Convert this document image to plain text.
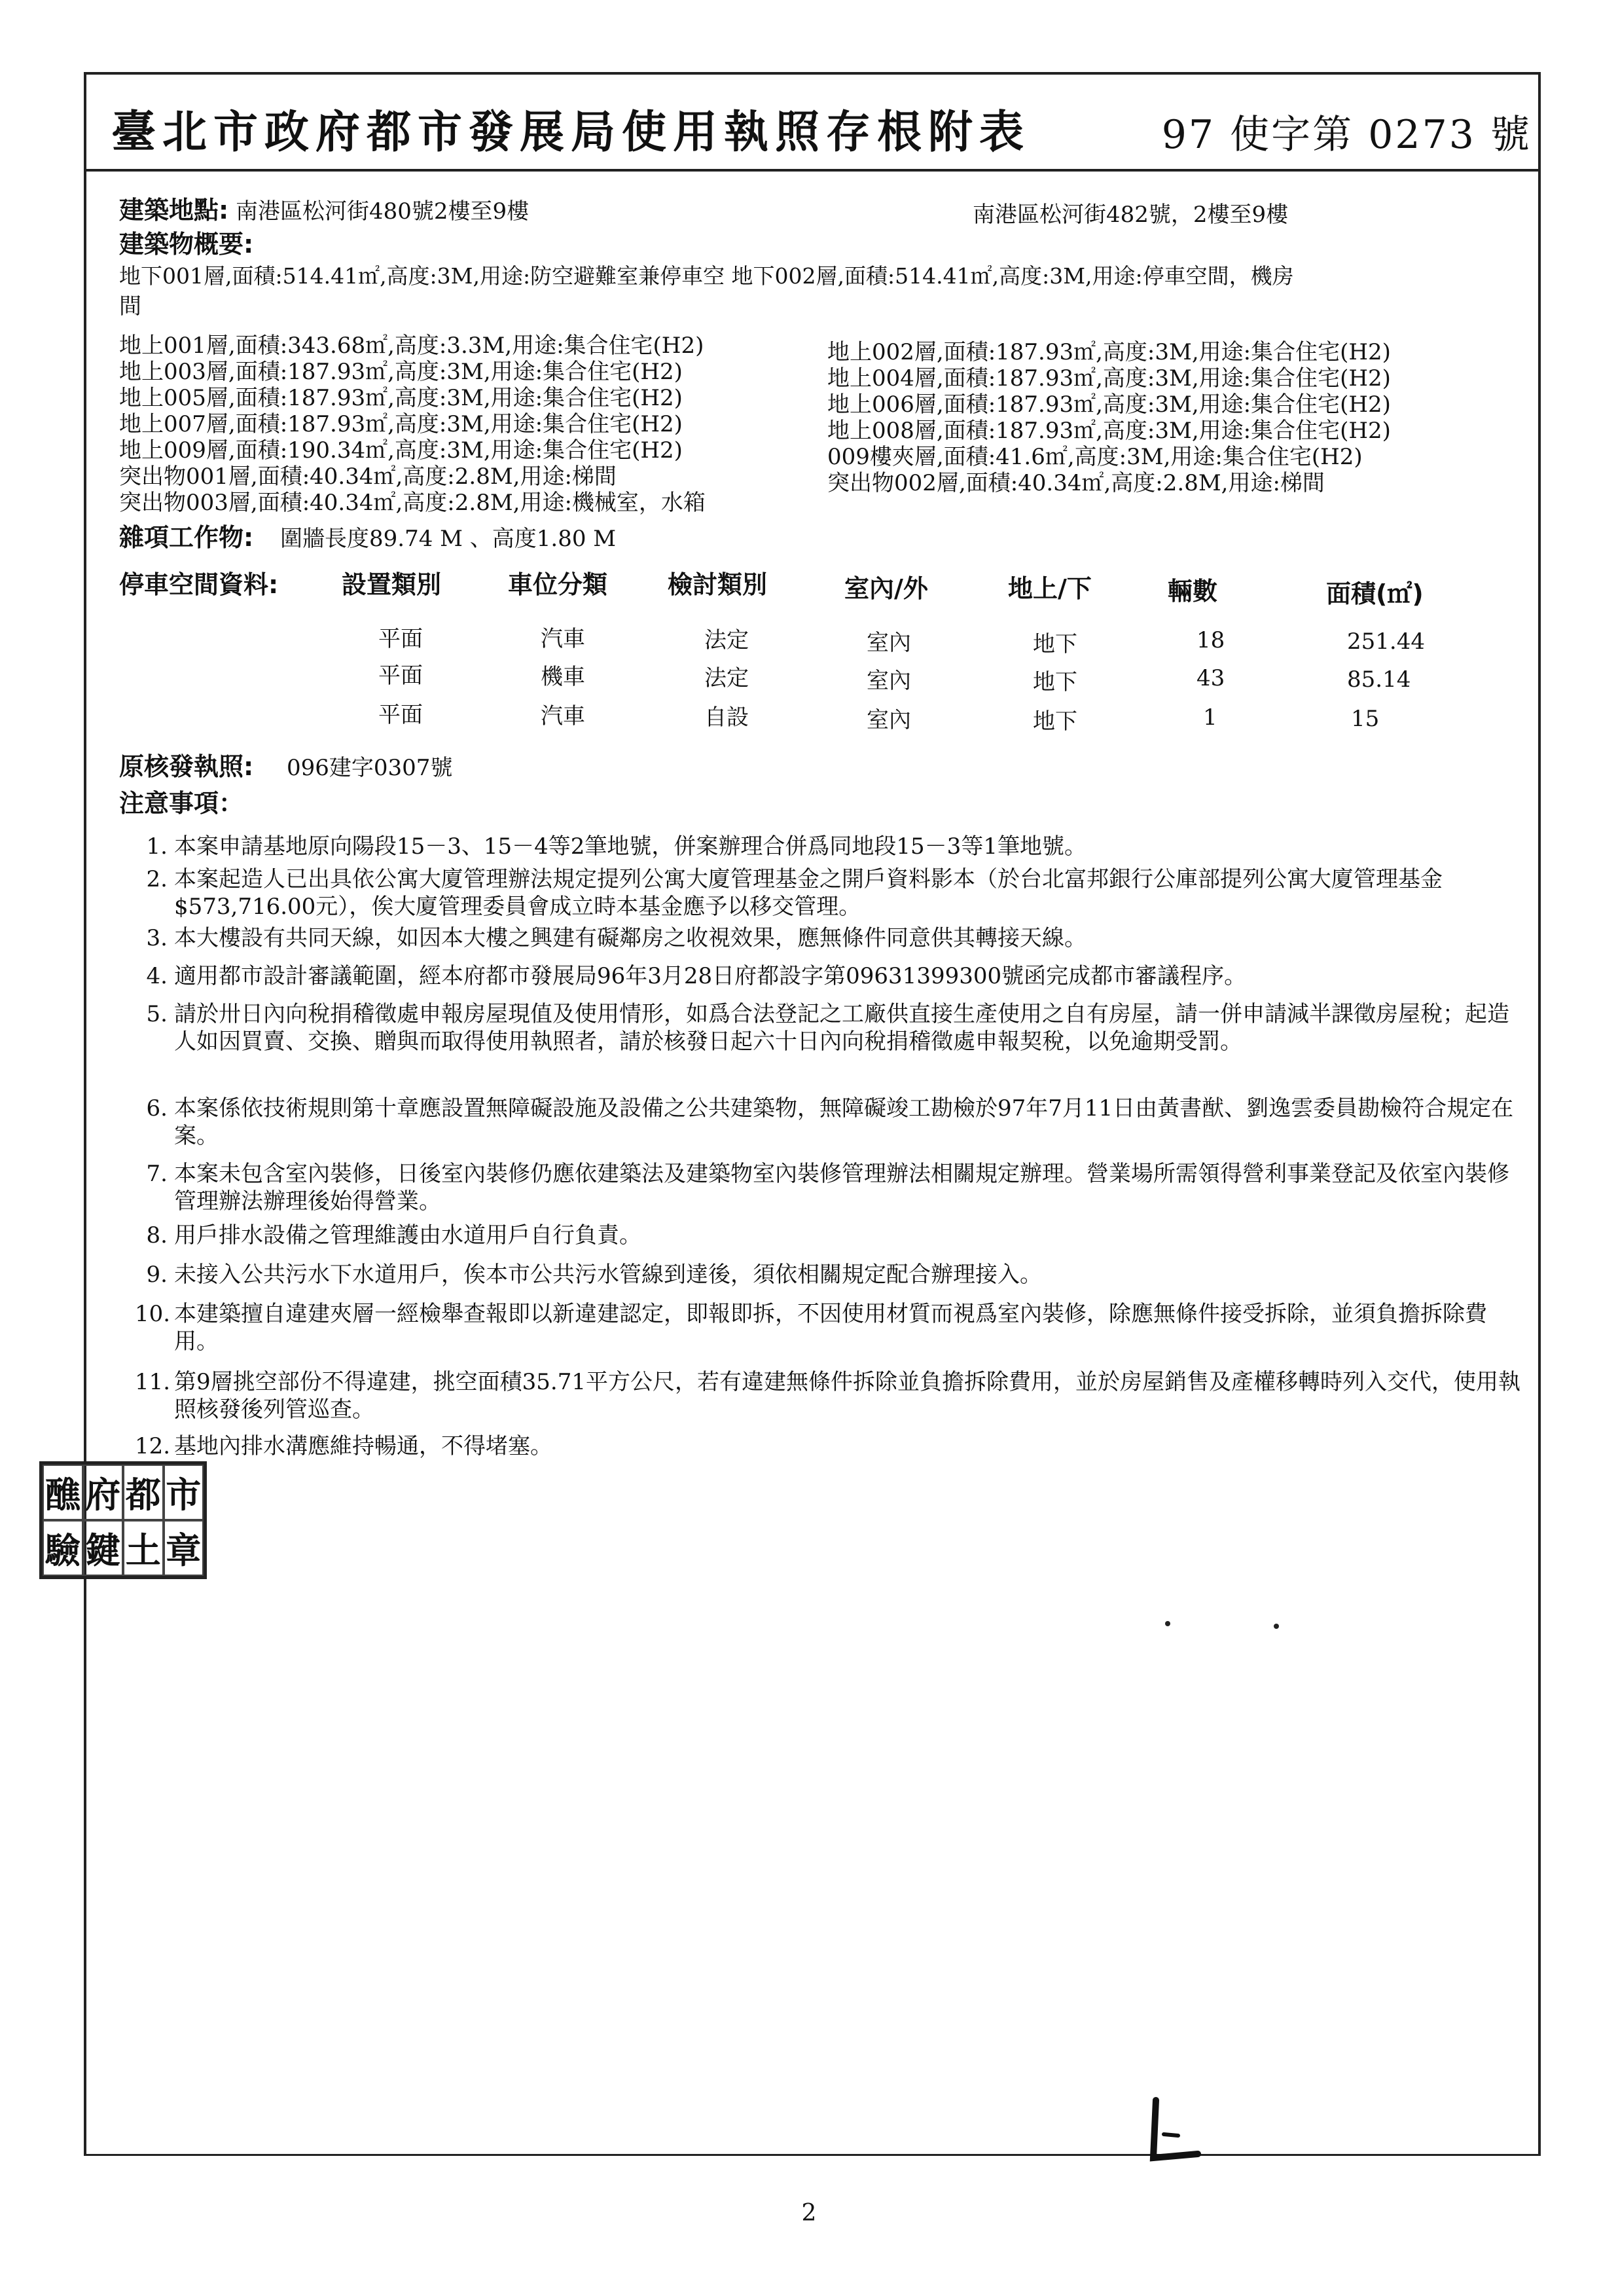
臺北市政府都市發展局使用執照存根附表	97 使字第 0273 號
建築地點: 南港區松河街480號2樓至9樓	南港區松河街482號，2樓至9樓
建築物概要:
地下001層,面積:514.41㎡,高度:3M,用途:防空避難室兼停車空 地下002層,面積:514.41㎡,高度:3M,用途:停車空間，機房
間
地上001層,面積:343.68㎡,高度:3.3M,用途:集合住宅(H2)
地上003層,面積:187.93㎡,高度:3M,用途:集合住宅(H2)
地上005層,面積:187.93㎡,高度:3M,用途:集合住宅(H2)
地上007層,面積:187.93㎡,高度:3M,用途:集合住宅(H2)
地上009層,面積:190.34㎡,高度:3M,用途:集合住宅(H2)
突出物001層,面積:40.34㎡,高度:2.8M,用途:梯間
突出物003層,面積:40.34㎡,高度:2.8M,用途:機械室，水箱
地上002層,面積:187.93㎡,高度:3M,用途:集合住宅(H2)
地上004層,面積:187.93㎡,高度:3M,用途:集合住宅(H2)
地上006層,面積:187.93㎡,高度:3M,用途:集合住宅(H2)
地上008層,面積:187.93㎡,高度:3M,用途:集合住宅(H2)
009樓夾層,面積:41.6㎡,高度:3M,用途:集合住宅(H2)
突出物002層,面積:40.34㎡,高度:2.8M,用途:梯間
雜項工作物: 圍牆長度89.74 M 、高度1.80 M
停車空間資料:	設置類別	車位分類 檢討類別	室內/外	地上/下	輛數	面積(㎡)
平面	汽車	法定	室內	地下	18	251.44
平面	機車	法定	室內	地下	43	85.14
平面	汽車	自設	室內	地下	1	15
原核發執照: 096建字0307號
注意事項：
1. 本案申請基地原向陽段15－3、15－4等2筆地號，併案辦理合併爲同地段15－3等1筆地號。
2. 本案起造人已出具依公寓大廈管理辦法規定提列公寓大廈管理基金之開戶資料影本（於台北富邦銀行公庫部提列公寓大廈管理基金$573,716.00元），俟大廈管理委員會成立時本基金應予以移交管理。
3. 本大樓設有共同天線，如因本大樓之興建有礙鄰房之收視效果，應無條件同意供其轉接天線。
4. 適用都市設計審議範圍，經本府都市發展局96年3月28日府都設字第09631399300號函完成都市審議程序。
5. 請於卅日內向稅捐稽徵處申報房屋現值及使用情形，如爲合法登記之工廠供直接生產使用之自有房屋，請一併申請減半課徵房屋稅；起造人如因買賣、交換、贈與而取得使用執照者，請於核發日起六十日內向稅捐稽徵處申報契稅，以免逾期受罰。
6. 本案係依技術規則第十章應設置無障礙設施及設備之公共建築物，無障礙竣工勘檢於97年7月11日由黃書猷、劉逸雲委員勘檢符合規定在案。
7. 本案未包含室內裝修，日後室內裝修仍應依建築法及建築物室內裝修管理辦法相關規定辦理。營業場所需領得營利事業登記及依室內裝修管理辦法辦理後始得營業。
8. 用戶排水設備之管理維護由水道用戶自行負責。
9. 未接入公共污水下水道用戶，俟本市公共污水管線到達後，須依相關規定配合辦理接入。
10. 本建築擅自違建夾層一經檢舉查報即以新違建認定，即報即拆，不因使用材質而視爲室內裝修，除應無條件接受拆除，並須負擔拆除費用。
11. 第9層挑空部份不得違建，挑空面積35.71平方公尺，若有違建無條件拆除並負擔拆除費用，並於房屋銷售及產權移轉時列入交代，使用執照核發後列管巡查。
12. 基地內排水溝應維持暢通，不得堵塞。
醮 府 都 市
驗 鍵 土 章
2
